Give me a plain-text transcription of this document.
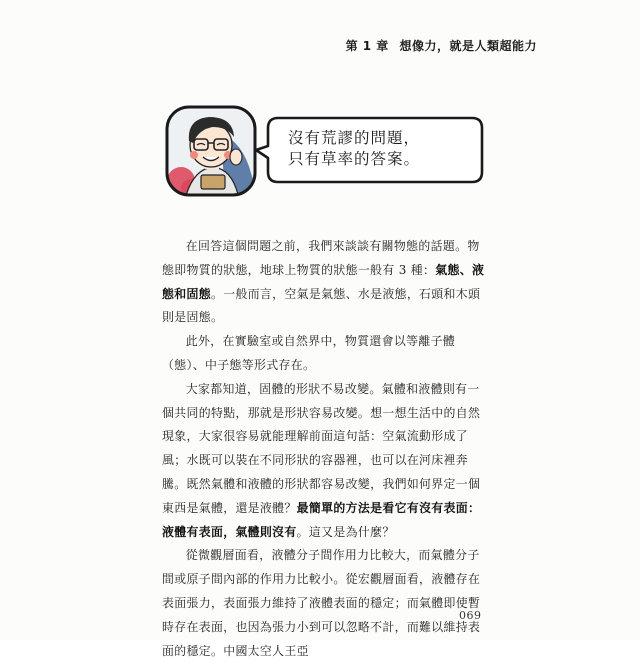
第 1 章 想像力，就是人類超能力
沒有荒謬的問題，
只有草率的答案。

在回答這個問題之前，我們來談談有關物態的話題。物態即物質的狀態，地球上物質的狀態一般有 3 種：氣態、液態和固態。一般而言，空氣是氣態、水是液態，石頭和木頭則是固態。

此外，在實驗室或自然界中，物質還會以等離子體（態）、中子態等形式存在。

大家都知道，固體的形狀不易改變。氣體和液體則有一個共同的特點，那就是形狀容易改變。想一想生活中的自然現象，大家很容易就能理解前面這句話：空氣流動形成了風；水既可以裝在不同形狀的容器裡，也可以在河床裡奔騰。既然氣體和液體的形狀都容易改變，我們如何界定一個東西是氣體，還是液體？最簡單的方法是看它有沒有表面：液體有表面，氣體則沒有。這又是為什麼？

從微觀層面看，液體分子間作用力比較大，而氣體分子間或原子間內部的作用力比較小。從宏觀層面看，液體存在表面張力，表面張力維持了液體表面的穩定；而氣體即使暫時存在表面，也因為張力小到可以忽略不計，而難以維持表面的穩定。中國太空人王亞

069
